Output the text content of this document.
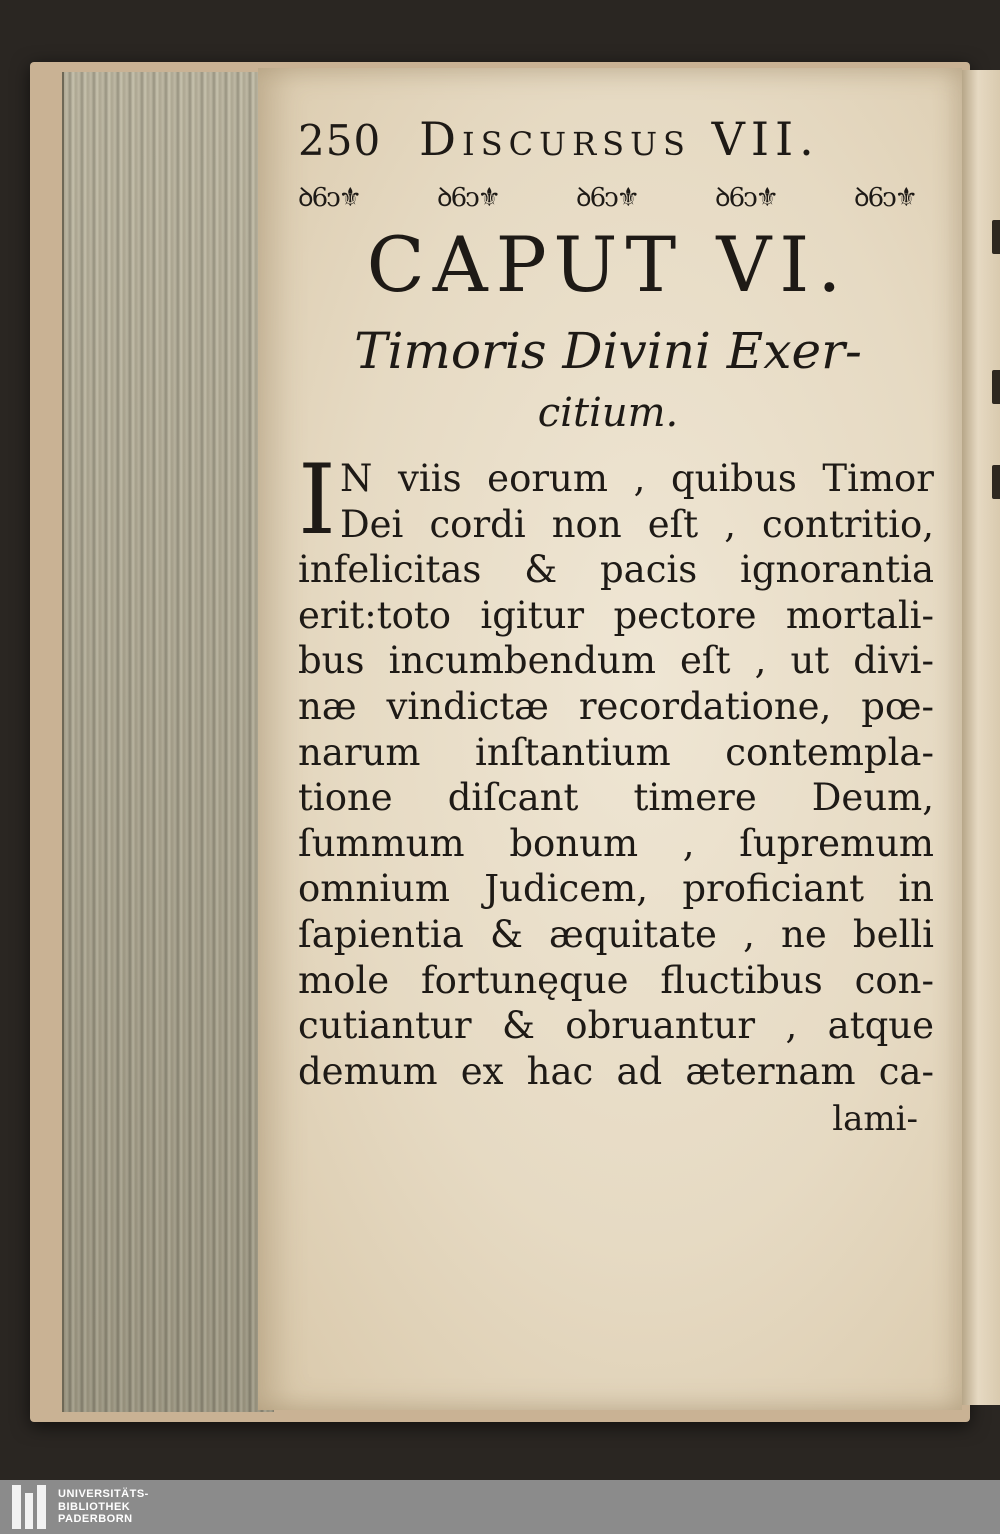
250 Discursus VII.
ꝺ6ↄ⚜	ꝺ6ↄ⚜	ꝺ6ↄ⚜	ꝺ6ↄ⚜	ꝺ6ↄ⚜
CAPUT VI.
Timoris Divini Exer-
citium.
I N viis eorum , quibus Timor
Dei cordi non eſt , contritio,
infelicitas & pacis ignorantia
erit:toto igitur pectore mortali-
bus incumbendum eſt , ut divi-
næ vindictæ recordatione, pœ-
narum inſtantium contempla-
tione diſcant timere Deum,
ſummum bonum , ſupremum
omnium Judicem, proficiant in
ſapientia & æquitate , ne belli
mole fortunęque fluctibus con-
cutiantur & obruantur , atque
demum ex hac ad æternam ca-
lami-
UNIVERSITÄTS-
BIBLIOTHEK
PADERBORN
